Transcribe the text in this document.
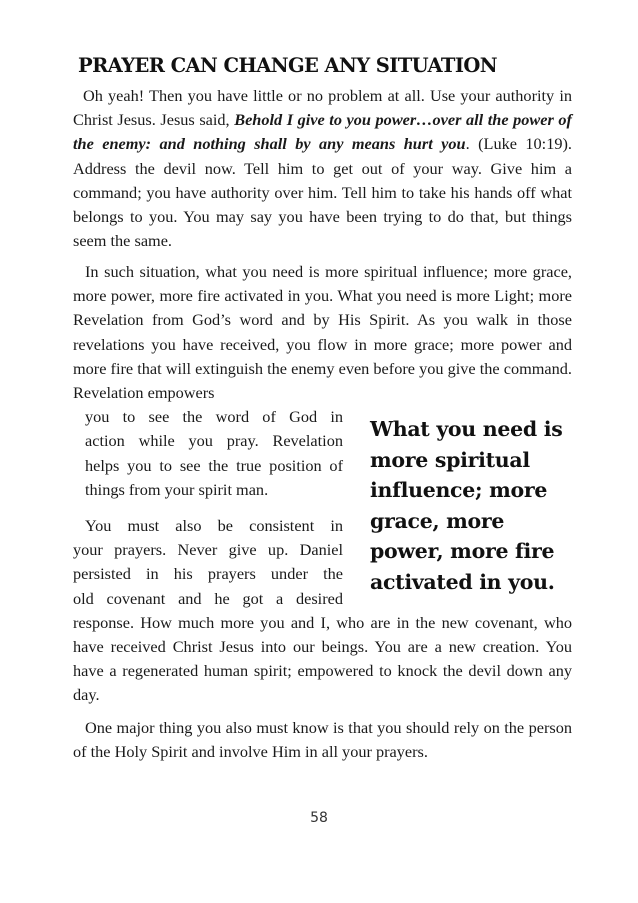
PRAYER CAN CHANGE ANY SITUATION

Oh yeah! Then you have little or no problem at all. Use your authority in Christ Jesus. Jesus said, Behold I give to you power…over all the power of the enemy: and nothing shall by any means hurt you. (Luke 10:19). Address the devil now. Tell him to get out of your way. Give him a command; you have authority over him. Tell him to take his hands off what belongs to you. You may say you have been trying to do that, but things seem the same.

In such situation, what you need is more spiritual influence; more grace, more power, more fire activated in you. What you need is more Light; more Revelation from God’s word and by His Spirit. As you walk in those revelations you have received, you flow in more grace; more power and more fire that will extinguish the enemy even before you give the command. Revelation empowers
you to see the word of God in
action while you pray. Revelation
helps you to see the true position of
things from your spirit man.

You must also be consistent in
your prayers. Never give up. Daniel
persisted in his prayers under the
old covenant and he got a desired
response. How much more you and I, who are in the new covenant, who have received Christ Jesus into our beings. You are a new creation. You have a regenerated human spirit; empowered to knock the devil down any day.

One major thing you also must know is that you should rely on the person of the Holy Spirit and involve Him in all your prayers.

What you need is
more spiritual
influence; more
grace, more
power, more fire
activated in you.

58
